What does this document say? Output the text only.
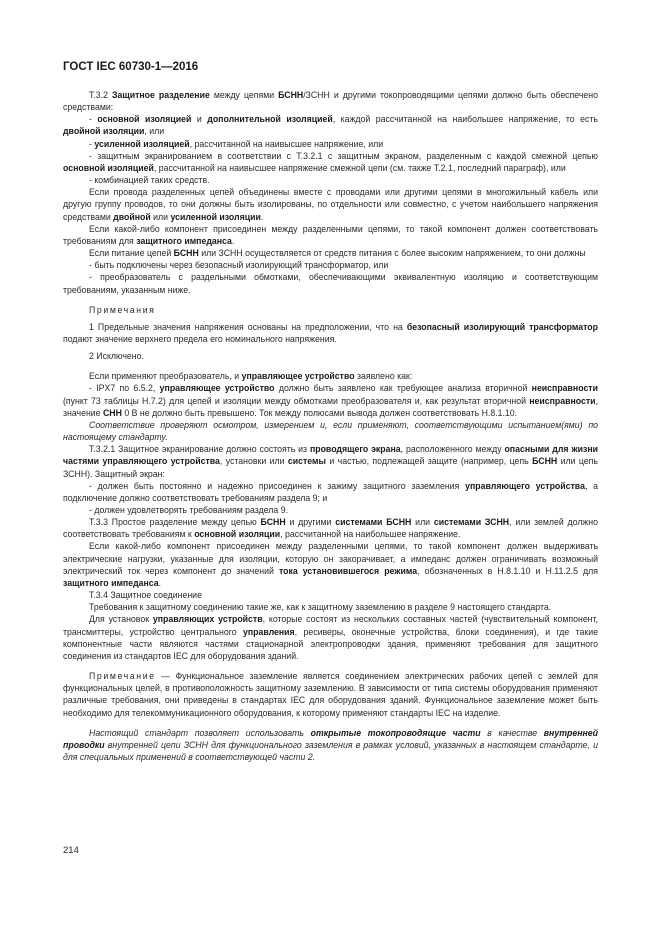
ГОСТ IEC 60730-1—2016

T.3.2 Защитное разделение между цепями БСНН/ЗСНН и другими токопроводящими цепями должно быть обеспечено средствами:

- основной изоляцией и дополнительной изоляцией, каждой рассчитанной на наибольшее напряжение, то есть двойной изоляции, или

- усиленной изоляцией, рассчитанной на наивысшее напряжение, или

- защитным экранированием в соответствии с T.3.2.1 с защитным экраном, разделенным с каждой смежной цепью основной изоляцией, рассчитанной на наивысшее напряжение смежной цепи (см. также T.2.1, последний параграф), или

- комбинацией таких средств.

Если провода разделенных цепей объединены вместе с проводами или другими цепями в многожильный кабель или другую группу проводов, то они должны быть изолированы, по отдельности или совместно, с учетом наибольшего напряжения средствами двойной или усиленной изоляции.

Если какой-либо компонент присоединен между разделенными цепями, то такой компонент должен соответствовать требованиям для защитного импеданса.

Если питание цепей БСНН или ЗСНН осуществляется от средств питания с более высоким напряжением, то они должны

- быть подключены через безопасный изолирующий трансформатор, или

- преобразователь с раздельными обмотками, обеспечивающими эквивалентную изоляцию и соответствующим требованиям, указанным ниже.

Примечания

1 Предельные значения напряжения основаны на предположении, что на безопасный изолирующий трансформатор подают значение верхнего предела его номинального напряжения.

2 Исключено.

Если применяют преобразователь, и управляющее устройство заявлено как:

- IPX7 по 6.5.2, управляющее устройство должно быть заявлено как требующее анализа вторичной неисправности (пункт 73 таблицы H.7.2) для цепей и изоляции между обмотками преобразователя и, как результат вторичной неисправности, значение СНН 0 В не должно быть превышено. Ток между полюсами вывода должен соответствовать H.8.1.10.

Соответствие проверяют осмотром, измерением и, если применяют, соответствующими испытанием(ями) по настоящему стандарту.

T.3.2.1 Защитное экранирование должно состоять из проводящего экрана, расположенного между опасными для жизни частями управляющего устройства, установки или системы и частью, подлежащей защите (например, цепь БСНН или цепь ЗСНН). Защитный экран:

- должен быть постоянно и надежно присоединен к зажиму защитного заземления управляющего устройства, а подключение должно соответствовать требованиям раздела 9; и

- должен удовлетворять требованиям раздела 9.

T.3.3 Простое разделение между цепью БСНН и другими системами БСНН или системами ЗСНН, или землей должно соответствовать требованиям к основной изоляции, рассчитанной на наибольшее напряжение.

Если какой-либо компонент присоединен между разделенными цепями, то такой компонент должен выдерживать электрические нагрузки, указанные для изоляции, которую он закорачивает, а импеданс должен ограничивать возможный электрический ток через компонент до значений тока установившегося режима, обозначенных в H.8.1.10 и H.11.2.5 для защитного импеданса.

T.3.4 Защитное соединение

Требования к защитному соединению такие же, как к защитному заземлению в разделе 9 настоящего стандарта.

Для установок управляющих устройств, которые состоят из нескольких составных частей (чувствительный компонент, трансмиттеры, устройство центрального управления, ресиверы, оконечные устройства, блоки соединения), и где такие компонентные части являются частями стационарной электропроводки здания, применяют требования для защитного соединения из стандартов IEC для оборудования зданий.

Примечание — Функциональное заземление является соединением электрических рабочих цепей с землей для функциональных целей, в противоположность защитному заземлению. В зависимости от типа системы оборудования применяют различные требования, они приведены в стандартах IEC для оборудования зданий. Функциональное заземление может быть необходимо для телекоммуникационного оборудования, к которому применяют стандарты IEC на изделие.

Настоящий стандарт позволяет использовать открытые токопроводящие части в качестве внутренней проводки внутренней цепи ЗСНН для функционального заземления в рамках условий, указанных в настоящем стандарте, и для специальных применений в соответствующей части 2.

214
